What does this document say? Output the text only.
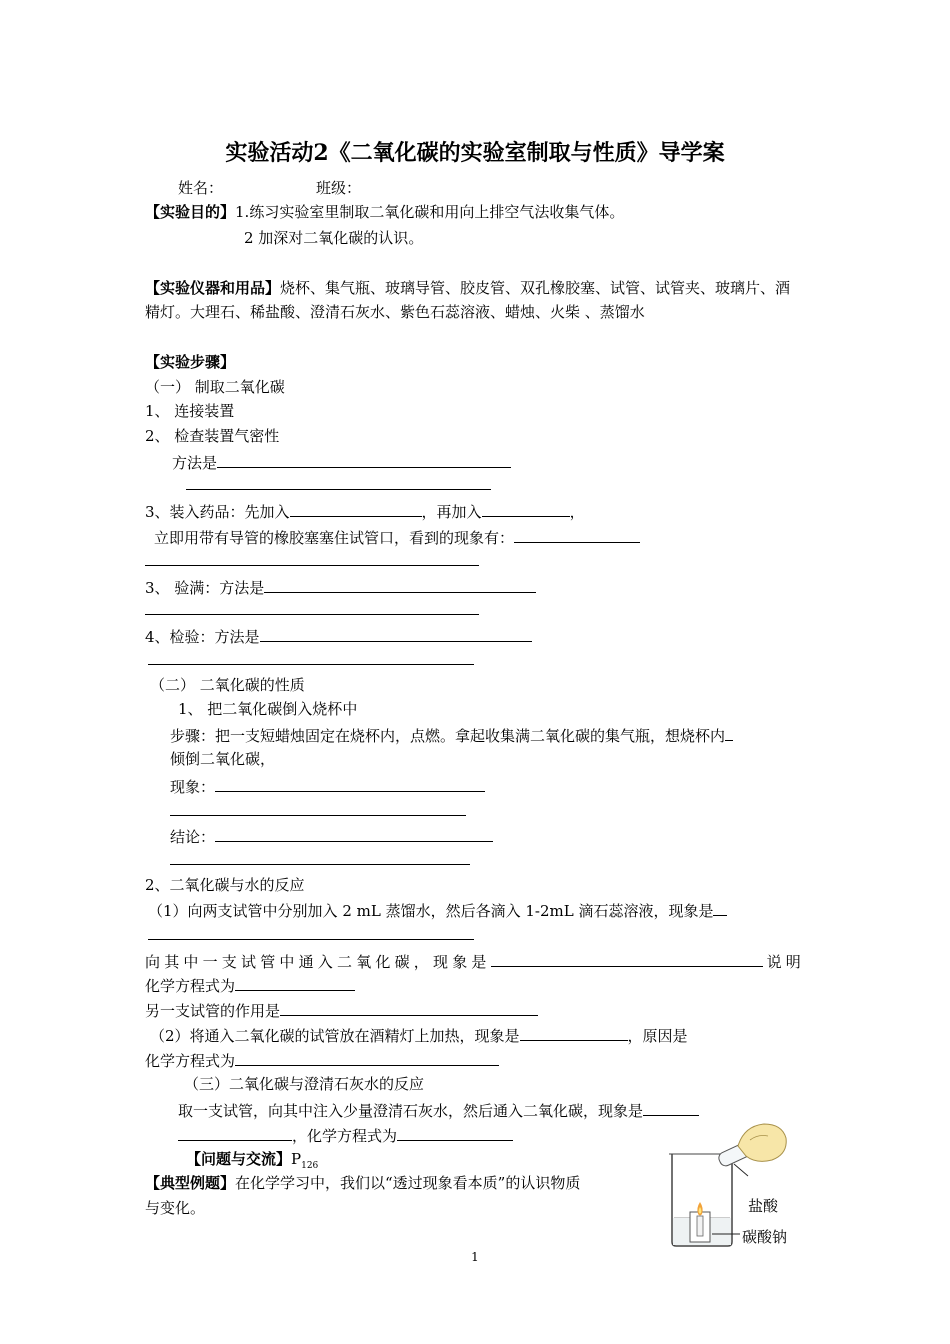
实验活动2《二氧化碳的实验室制取与性质》导学案
姓名：	班级：
【实验目的】1.练习实验室里制取二氧化碳和用向上排空气法收集气体。
2 加深对二氧化碳的认识。
【实验仪器和用品】烧杯、集气瓶、玻璃导管、胶皮管、双孔橡胶塞、试管、试管夹、玻璃片、酒
精灯。大理石、稀盐酸、澄清石灰水、紫色石蕊溶液、蜡烛、火柴 、蒸馏水
【实验步骤】
（一） 制取二氧化碳
1、 连接装置
2、 检查装置气密性
方法是
3、装入药品：先加入	，再加入	，
立即用带有导管的橡胶塞塞住试管口，看到的现象有：
3、 验满：方法是
4、检验：方法是
（二） 二氧化碳的性质
1、 把二氧化碳倒入烧杯中
步骤：把一支短蜡烛固定在烧杯内，点燃。拿起收集满二氧化碳的集气瓶，想烧杯内
倾倒二氧化碳，
现象：
结论：
2、二氧化碳与水的反应
（1）向两支试管中分别加入 2 mL 蒸馏水，然后各滴入 1-2mL 滴石蕊溶液，现象是
向其中一支试管中通入二氧化碳，现象是	说明
化学方程式为
另一支试管的作用是
（2）将通入二氧化碳的试管放在酒精灯上加热，现象是	，原因是
化学方程式为
（三）二氧化碳与澄清石灰水的反应
取一支试管，向其中注入少量澄清石灰水，然后通入二氧化碳，现象是
，化学方程式为
【问题与交流】$P_{126}$
【典型例题】在化学学习中，我们以“透过现象看本质”的认识物质
与变化。	盐酸
碳酸钠
1
